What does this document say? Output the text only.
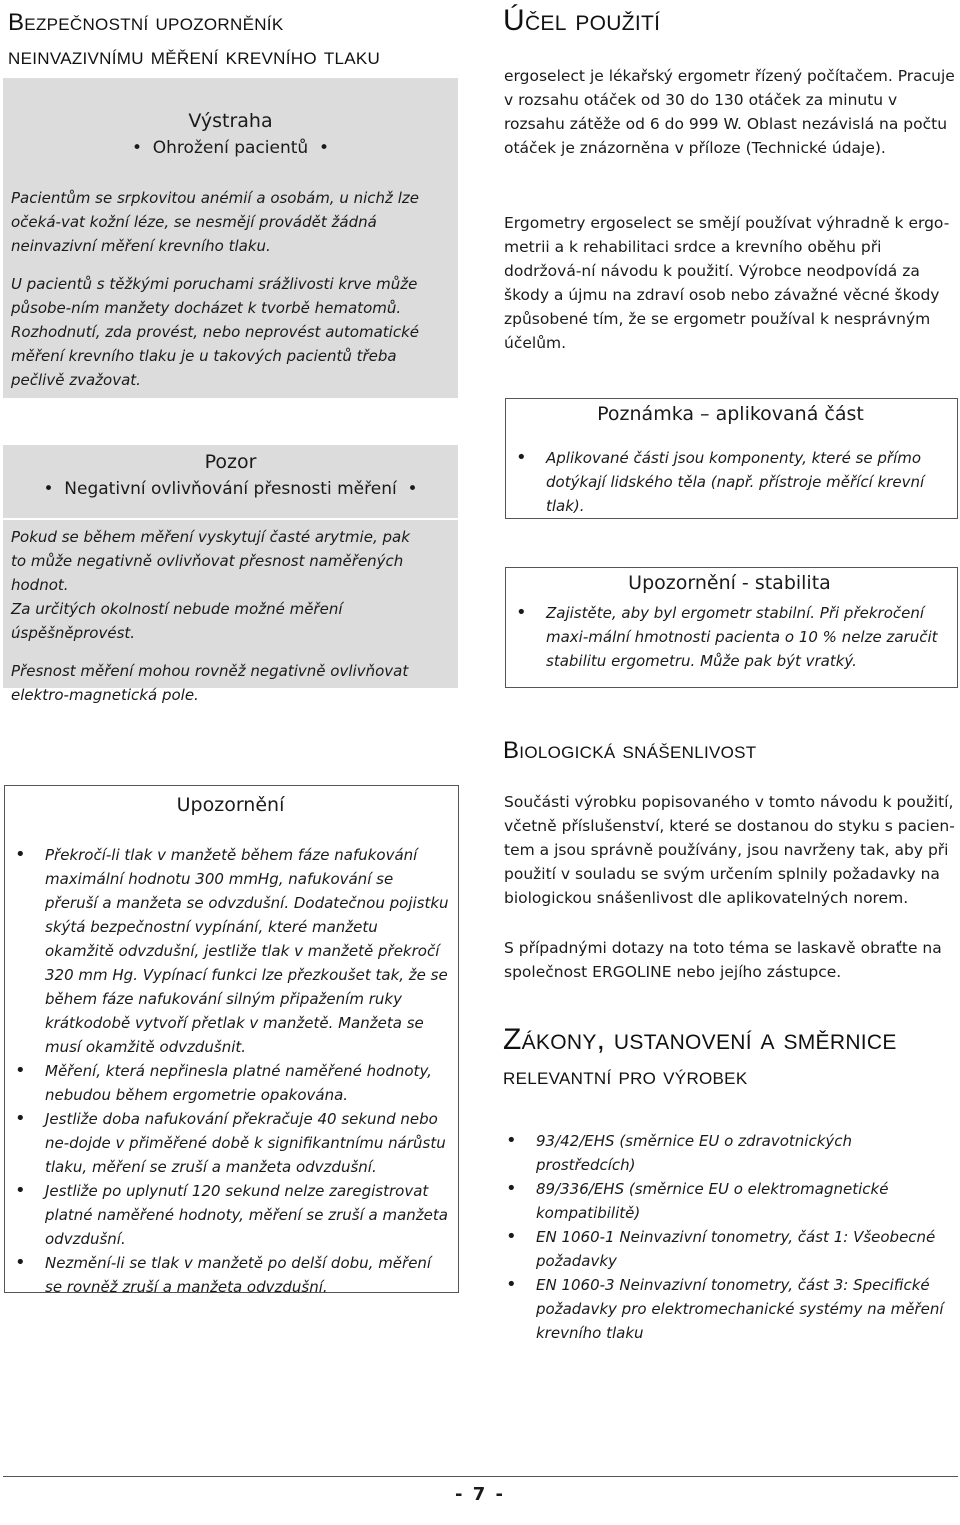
Bezpečnostní upozorněník
neinvazivnímu měření krevního tlaku
Výstraha
•  Ohrožení pacientů  •

Pacientům se srpkovitou anémií a osobám, u nichž lze očeká-vat kožní léze, se nesmějí provádět žádná neinvazivní měření krevního tlaku.

U pacientů s těžkými poruchami srážlivosti krve může působe-ním manžety docházet k tvorbě hematomů. Rozhodnutí, zda provést, nebo neprovést automatické měření krevního tlaku je u takových pacientů třeba pečlivě zvažovat.

Pozor
•  Negativní ovlivňování přesnosti měření  •

Pokud se během měření vyskytují časté arytmie, pak to může negativně ovlivňovat přesnost naměřených hodnot.

Za určitých okolností nebude možné měření úspěšněprovést.

Přesnost měření mohou rovněž negativně ovlivňovat elektro-magnetická pole.

Upozornění
• Překročí-li tlak v manžetě během fáze nafukování maximální hodnotu 300 mmHg, nafukování se přeruší a manžeta se odvzdušní. Dodatečnou pojistku skýtá bezpečnostní vypínání, které manžetu okamžitě odvzdušní, jestliže tlak v manžetě překročí 320 mm Hg. Vypínací funkci lze přezkoušet tak, že se během fáze nafukování silným připažením ruky krátkodobě vytvoří přetlak v manžetě. Manžeta se musí okamžitě odvzdušnit.
• Měření, která nepřinesla platné naměřené hodnoty, nebudou během ergometrie opakována.
• Jestliže doba nafukování překračuje 40 sekund nebo ne-dojde v přiměřené době k signifikantnímu nárůstu tlaku, měření se zruší a manžeta odvzdušní.
• Jestliže po uplynutí 120 sekund nelze zaregistrovat platné naměřené hodnoty, měření se zruší a manžeta odvzdušní.
• Nezmění-li se tlak v manžetě po delší dobu, měření se rovněž zruší a manžeta odvzdušní.
Účel použití

ergoselect je lékařský ergometr řízený počítačem. Pracuje v rozsahu otáček od 30 do 130 otáček za minutu v rozsahu zátěže od 6 do 999 W. Oblast nezávislá na počtu otáček je znázorněna v příloze (Technické údaje).

Ergometry ergoselect se smějí používat výhradně k ergo-metrii a k rehabilitaci srdce a krevního oběhu při dodržová-ní návodu k použití. Výrobce neodpovídá za škody a újmu na zdraví osob nebo závažné věcné škody způsobené tím, že se ergometr používal k nesprávným účelům.

Poznámka – aplikovaná část
• Aplikované části jsou komponenty, které se přímo dotýkají lidského těla (např. přístroje měřící krevní tlak).
Upozornění - stabilita
• Zajistěte, aby byl ergometr stabilní. Při překročení maxi-mální hmotnosti pacienta o 10 % nelze zaručit stabilitu ergometru. Může pak být vratký.
Biologická snášenlivost

Součásti výrobku popisovaného v tomto návodu k použití, včetně příslušenství, které se dostanou do styku s pacien-tem a jsou správně používány, jsou navrženy tak, aby při použití v souladu se svým určením splnily požadavky na biologickou snášenlivost dle aplikovatelných norem.

S případnými dotazy na toto téma se laskavě obraťte na společnost ERGOLINE nebo jejího zástupce.

Zákony, ustanovení a směrnice
relevantní pro výrobek
• 93/42/EHS (směrnice EU o zdravotnických prostředcích)
• 89/336/EHS (směrnice EU o elektromagnetické kompatibilitě)
• EN 1060-1 Neinvazivní tonometry, část 1: Všeobecné požadavky
• EN 1060-3 Neinvazivní tonometry, část 3: Specifické požadavky pro elektromechanické systémy na měření krevního tlaku
- 7 -
